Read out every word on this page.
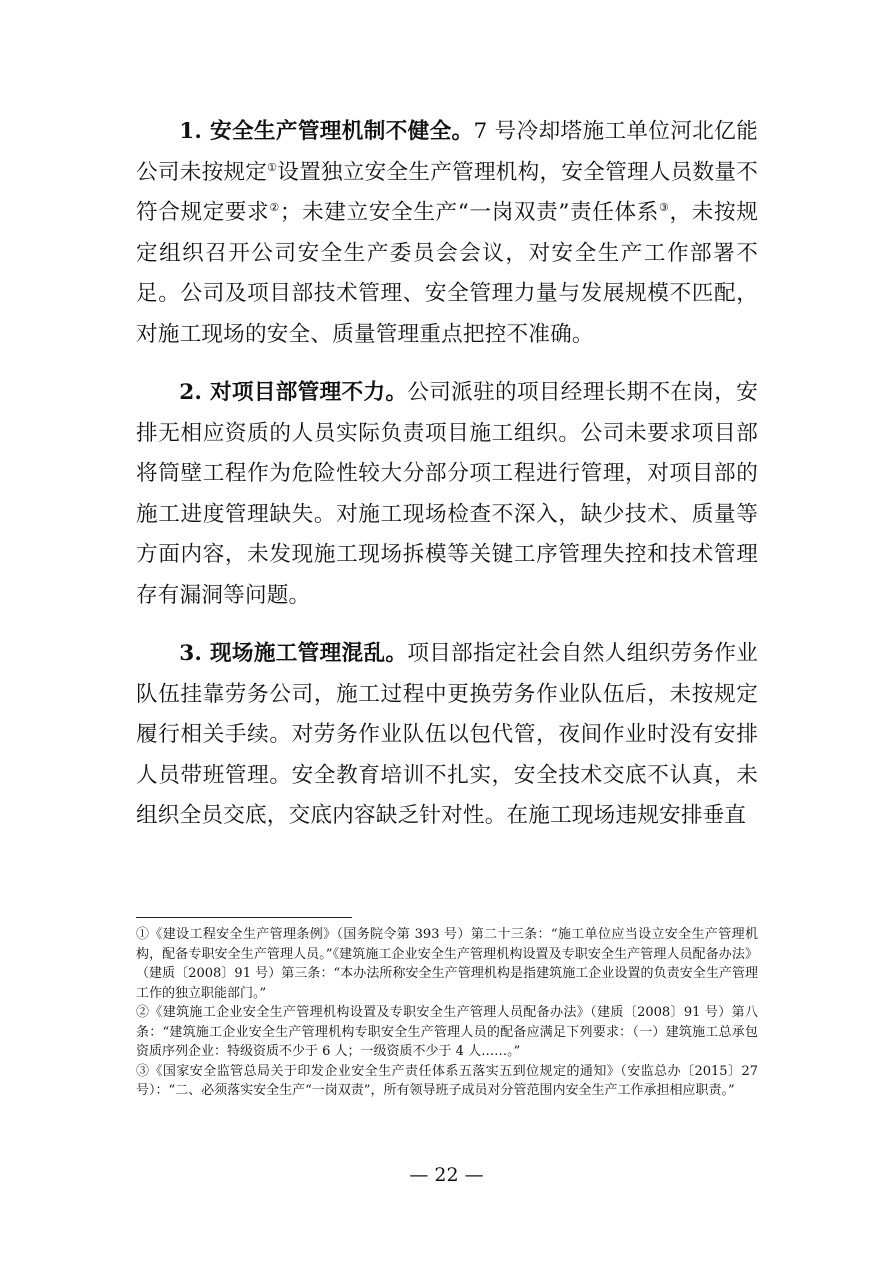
1. 安全生产管理机制不健全。7 号冷却塔施工单位河北亿能公司未按规定①设置独立安全生产管理机构，安全管理人员数量不符合规定要求②；未建立安全生产“一岗双责”责任体系③，未按规定组织召开公司安全生产委员会会议，对安全生产工作部署不足。公司及项目部技术管理、安全管理力量与发展规模不匹配，对施工现场的安全、质量管理重点把控不准确。

2. 对项目部管理不力。公司派驻的项目经理长期不在岗，安排无相应资质的人员实际负责项目施工组织。公司未要求项目部将筒壁工程作为危险性较大分部分项工程进行管理，对项目部的施工进度管理缺失。对施工现场检查不深入，缺少技术、质量等方面内容，未发现施工现场拆模等关键工序管理失控和技术管理存有漏洞等问题。

3. 现场施工管理混乱。项目部指定社会自然人组织劳务作业队伍挂靠劳务公司，施工过程中更换劳务作业队伍后，未按规定履行相关手续。对劳务作业队伍以包代管，夜间作业时没有安排人员带班管理。安全教育培训不扎实，安全技术交底不认真，未组织全员交底，交底内容缺乏针对性。在施工现场违规安排垂直

①《建设工程安全生产管理条例》（国务院令第 393 号）第二十三条：“施工单位应当设立安全生产管理机构，配备专职安全生产管理人员。”《建筑施工企业安全生产管理机构设置及专职安全生产管理人员配备办法》（建质〔2008〕91 号）第三条：“本办法所称安全生产管理机构是指建筑施工企业设置的负责安全生产管理工作的独立职能部门。”

②《建筑施工企业安全生产管理机构设置及专职安全生产管理人员配备办法》（建质〔2008〕91 号）第八条：“建筑施工企业安全生产管理机构专职安全生产管理人员的配备应满足下列要求：（一）建筑施工总承包资质序列企业：特级资质不少于 6 人；一级资质不少于 4 人……。”

③《国家安全监管总局关于印发企业安全生产责任体系五落实五到位规定的通知》（安监总办〔2015〕27 号）：“二、必须落实安全生产“一岗双责”，所有领导班子成员对分管范围内安全生产工作承担相应职责。”

— 22 —
